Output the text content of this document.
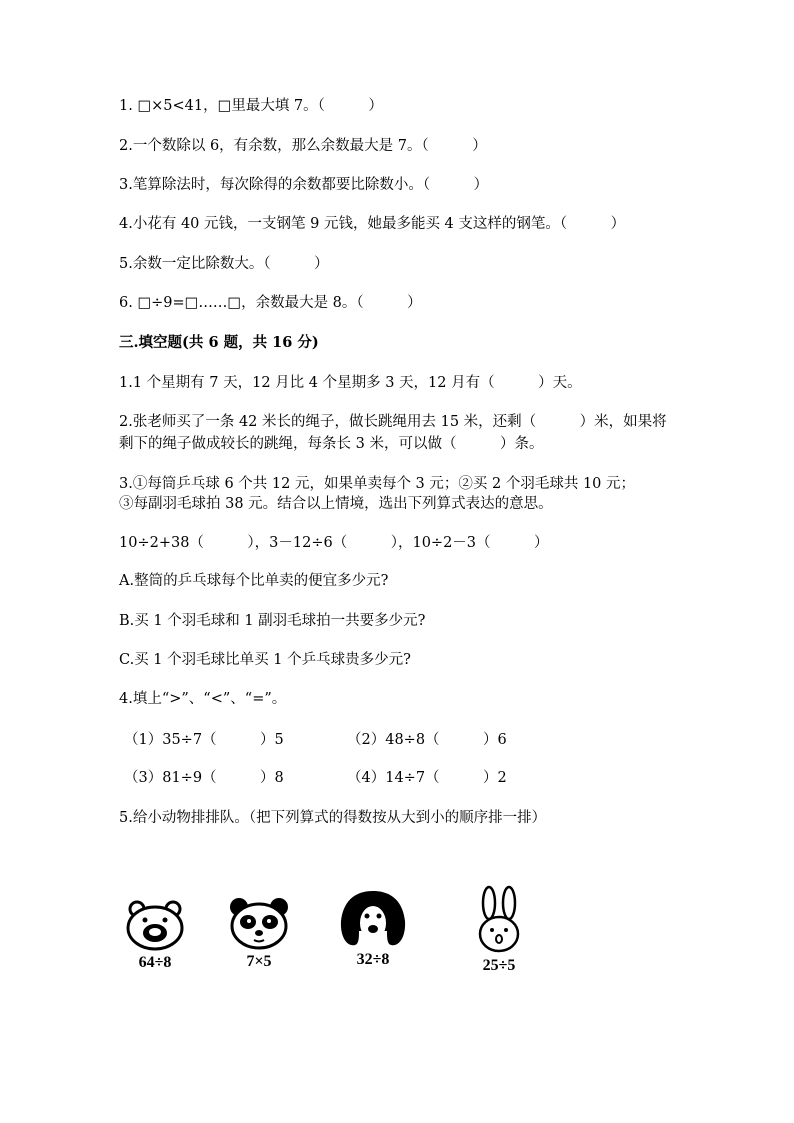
1. □×5<41，□里最大填 7。（　　　）
2.一个数除以 6，有余数，那么余数最大是 7。（　　　）
3.笔算除法时，每次除得的余数都要比除数小。（　　　）
4.小花有 40 元钱，一支钢笔 9 元钱，她最多能买 4 支这样的钢笔。（　　　）
5.余数一定比除数大。（　　　）
6. □÷9=□……□，余数最大是 8。（　　　）
三.填空题(共 6 题，共 16 分)
1.1 个星期有 7 天，12 月比 4 个星期多 3 天，12 月有（　　　）天。
2.张老师买了一条 42 米长的绳子，做长跳绳用去 15 米，还剩（　　　）米，如果将剩下的绳子做成较长的跳绳，每条长 3 米，可以做（　　　）条。
3.①每筒乒乓球 6 个共 12 元，如果单卖每个 3 元；②买 2 个羽毛球共 10 元；
③每副羽毛球拍 38 元。结合以上情境，选出下列算式表达的意思。
10÷2+38（　　　），3－12÷6（　　　），10÷2－3（　　　）
A.整筒的乒乓球每个比单卖的便宜多少元?
B.买 1 个羽毛球和 1 副羽毛球拍一共要多少元?
C.买 1 个羽毛球比单买 1 个乒乓球贵多少元?
4.填上“>”、“<”、“=”。
（1）35÷7（　　　）5	（2）48÷8（　　　）6
（3）81÷9（　　　）8	（4）14÷7（　　　）2
5.给小动物排排队。（把下列算式的得数按从大到小的顺序排一排）
64÷8	7×5	32÷8	25÷5
